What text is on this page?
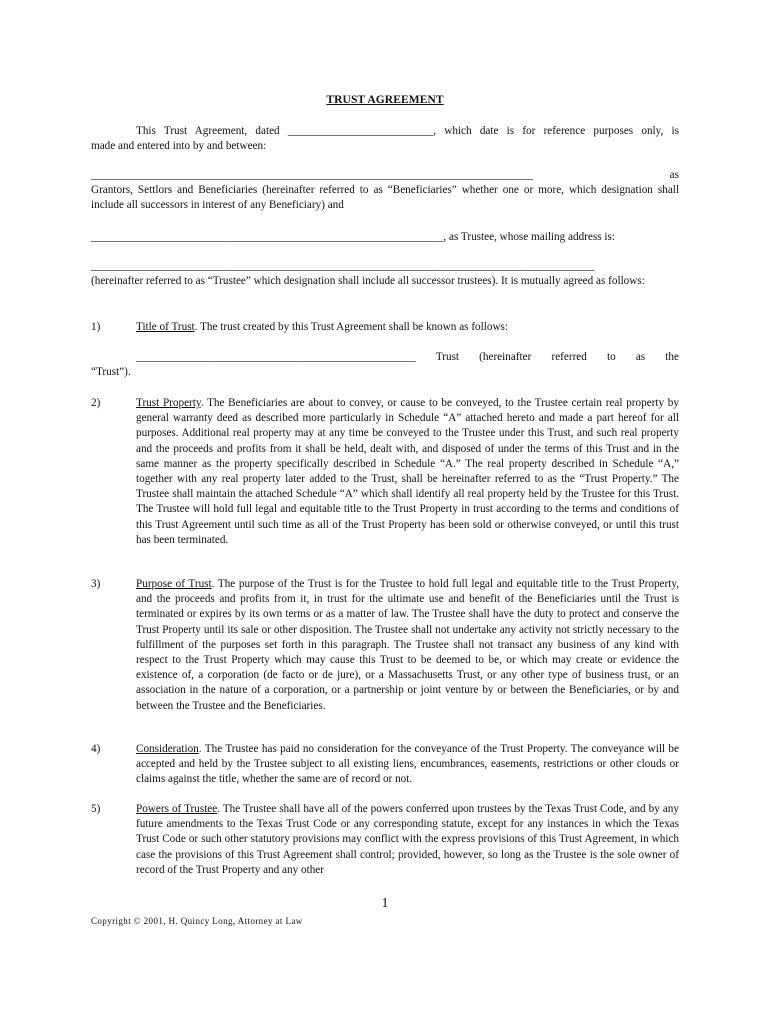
TRUST AGREEMENT
This Trust Agreement, dated __________________________, which date is for reference purposes only, is
made and entered into by and between:
_______________________________________________________________________________	as
Grantors, Settlors and Beneficiaries (hereinafter referred to as “Beneficiaries” whether one or more, which designation shall include all successors in interest of any Beneficiary) and
_______________________________________________________________, as Trustee, whose mailing address is:
__________________________________________________________________________________________
(hereinafter referred to as “Trustee” which designation shall include all successor trustees). It is mutually agreed as follows:
1)	Title of Trust. The trust created by this Trust Agreement shall be known as follows:
__________________________________________________ Trust (hereinafter referred to as the
“Trust”).
2)	Trust Property. The Beneficiaries are about to convey, or cause to be conveyed, to the Trustee certain real property by general warranty deed as described more particularly in Schedule “A” attached hereto and made a part hereof for all purposes. Additional real property may at any time be conveyed to the Trustee under this Trust, and such real property and the proceeds and profits from it shall be held, dealt with, and disposed of under the terms of this Trust and in the same manner as the property specifically described in Schedule “A.” The real property described in Schedule “A,” together with any real property later added to the Trust, shall be hereinafter referred to as the “Trust Property.” The Trustee shall maintain the attached Schedule “A” which shall identify all real property held by the Trustee for this Trust. The Trustee will hold full legal and equitable title to the Trust Property in trust according to the terms and conditions of this Trust Agreement until such time as all of the Trust Property has been sold or otherwise conveyed, or until this trust has been terminated.
3)	Purpose of Trust. The purpose of the Trust is for the Trustee to hold full legal and equitable title to the Trust Property, and the proceeds and profits from it, in trust for the ultimate use and benefit of the Beneficiaries until the Trust is terminated or expires by its own terms or as a matter of law. The Trustee shall have the duty to protect and conserve the Trust Property until its sale or other disposition. The Trustee shall not undertake any activity not strictly necessary to the fulfillment of the purposes set forth in this paragraph. The Trustee shall not transact any business of any kind with respect to the Trust Property which may cause this Trust to be deemed to be, or which may create or evidence the existence of, a corporation (de facto or de jure), or a Massachusetts Trust, or any other type of business trust, or an association in the nature of a corporation, or a partnership or joint venture by or between the Beneficiaries, or by and between the Trustee and the Beneficiaries.
4)	Consideration. The Trustee has paid no consideration for the conveyance of the Trust Property. The conveyance will be accepted and held by the Trustee subject to all existing liens, encumbrances, easements, restrictions or other clouds or claims against the title, whether the same are of record or not.
5)	Powers of Trustee. The Trustee shall have all of the powers conferred upon trustees by the Texas Trust Code, and by any future amendments to the Texas Trust Code or any corresponding statute, except for any instances in which the Texas Trust Code or such other statutory provisions may conflict with the express provisions of this Trust Agreement, in which case the provisions of this Trust Agreement shall control; provided, however, so long as the Trustee is the sole owner of record of the Trust Property and any other
1
Copyright © 2001, H. Quincy Long, Attorney at Law
